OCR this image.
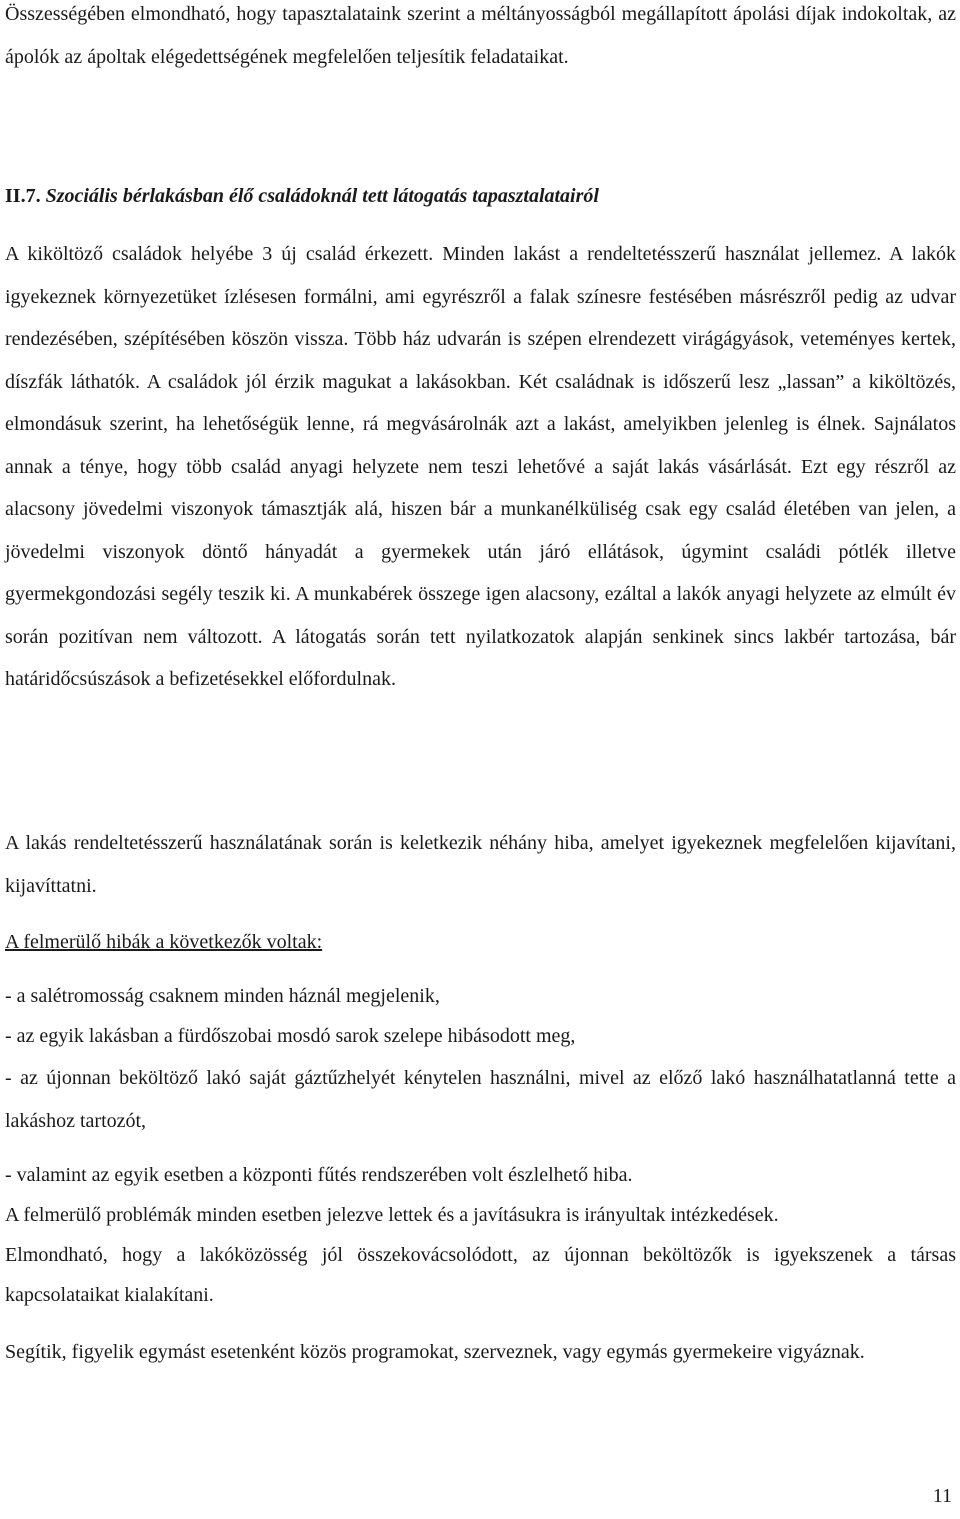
Összességében elmondható, hogy tapasztalataink szerint a méltányosságból megállapított ápolási díjak indokoltak, az ápolók az ápoltak elégedettségének megfelelően teljesítik feladataikat.

II.7. Szociális bérlakásban élő családoknál tett látogatás tapasztalatairól

A kiköltöző családok helyébe 3 új család érkezett. Minden lakást a rendeltetésszerű használat jellemez. A lakók igyekeznek környezetüket ízlésesen formálni, ami egyrészről a falak színesre festésében másrészről pedig az udvar rendezésében, szépítésében köszön vissza. Több ház udvarán is szépen elrendezett virágágyások, veteményes kertek, díszfák láthatók. A családok jól érzik magukat a lakásokban. Két családnak is időszerű lesz „lassan” a kiköltözés, elmondásuk szerint, ha lehetőségük lenne, rá megvásárolnák azt a lakást, amelyikben jelenleg is élnek. Sajnálatos annak a ténye, hogy több család anyagi helyzete nem teszi lehetővé a saját lakás vásárlását. Ezt egy részről az alacsony jövedelmi viszonyok támasztják alá, hiszen bár a munkanélküliség csak egy család életében van jelen, a jövedelmi viszonyok döntő hányadát a gyermekek után járó ellátások, úgymint családi pótlék illetve gyermekgondozási segély teszik ki. A munkabérek összege igen alacsony, ezáltal a lakók anyagi helyzete az elmúlt év során pozitívan nem változott. A látogatás során tett nyilatkozatok alapján senkinek sincs lakbér tartozása, bár határidőcsúszások a befizetésekkel előfordulnak.

A lakás rendeltetésszerű használatának során is keletkezik néhány hiba, amelyet igyekeznek megfelelően kijavítani, kijavíttatni.

A felmerülő hibák a következők voltak:

- a salétromosság csaknem minden háznál megjelenik,

- az egyik lakásban a fürdőszobai mosdó sarok szelepe hibásodott meg,

- az újonnan beköltöző lakó saját gáztűzhelyét kénytelen használni, mivel az előző lakó használhatatlanná tette a lakáshoz tartozót,

- valamint az egyik esetben a központi fűtés rendszerében volt észlelhető hiba.

A felmerülő problémák minden esetben jelezve lettek és a javításukra is irányultak intézkedések.

Elmondható, hogy a lakóközösség jól összekovácsolódott, az újonnan beköltözők is igyekszenek a társas kapcsolataikat kialakítani.

Segítik, figyelik egymást esetenként közös programokat, szerveznek, vagy egymás gyermekeire vigyáznak.

11
